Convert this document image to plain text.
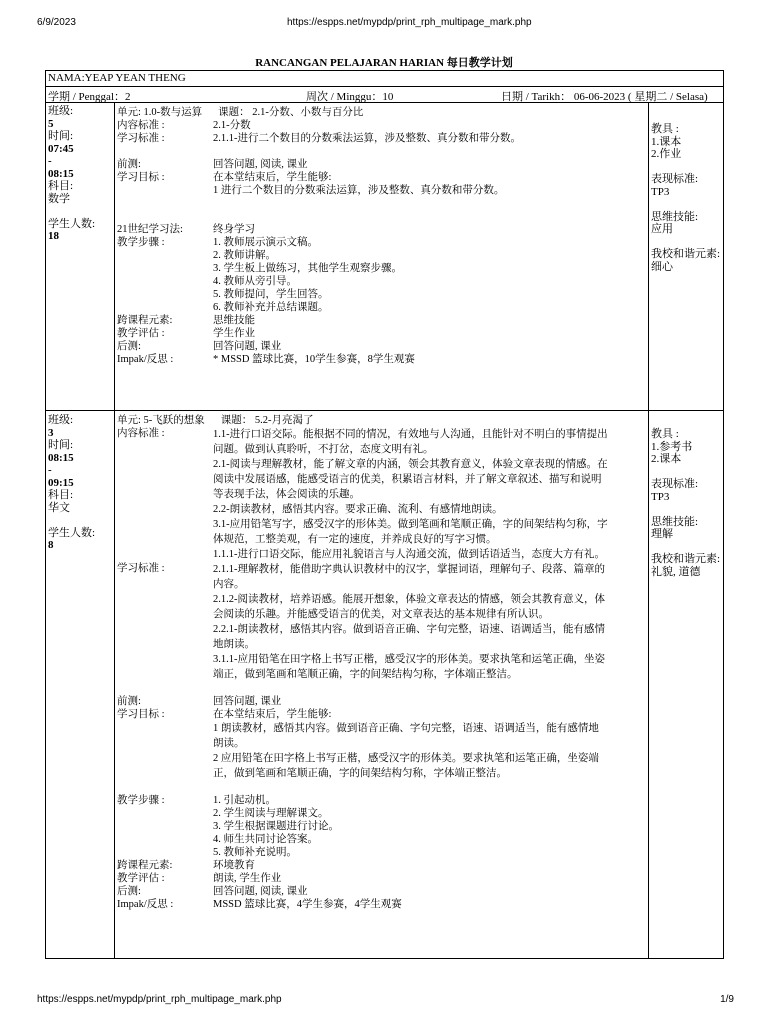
6/9/2023	https://espps.net/mypdp/print_rph_multipage_mark.php
RANCANGAN PELAJARAN HARIAN 每日教学计划
NAMA:YEAP YEAN THENG
学期 / Penggal：2	周次 / Minggu：10	日期 / Tarikh： 06-06-2023 ( 星期二 / Selasa)
班级:
5
时间:
07:45
-
08:15
科目:
数学
学生人数:
18
单元: 1.0-数与运算 课题： 2.1-分数、小数与百分比
内容标准 :	2.1-分数
学习标准 :	2.1.1-进行二个数目的分数乘法运算，涉及整数、真分数和带分数。
前测:	回答问题, 阅读, 课业
学习目标 :	在本堂结束后，学生能够:
1 进行二个数目的分数乘法运算，涉及整数、真分数和带分数。
21世纪学习法:	终身学习
教学步骤 :	1. 教师展示演示文稿。
2. 教师讲解。
3. 学生板上做练习，其他学生观察步骤。
4. 教师从旁引导。
5. 教师提问，学生回答。
6. 教师补充并总结课题。
跨课程元素:	思维技能
教学评估 :	学生作业
后测:	回答问题, 课业
Impak/反思 :	* MSSD 篮球比赛，10学生参赛，8学生观赛
教具 :
1.课本
2.作业
表现标准:
TP3
思维技能:
应用
我校和谐元素:
细心
班级:
3
时间:
08:15
-
09:15
科目:
华文
学生人数:
8
单元: 5-飞跃的想象 课题： 5.2-月亮渴了
内容标准 :	1.1-进行口语交际。能根据不同的情况，有效地与人沟通，且能针对不明白的事情提出
问题。做到认真聆听，不打岔，态度文明有礼。
2.1-阅读与理解教材，能了解文章的内涵，领会其教育意义，体验文章表现的情感。在
阅读中发展语感，能感受语言的优美，积累语言材料，并了解文章叙述、描写和说明
等表现手法，体会阅读的乐趣。
2.2-朗读教材，感悟其内容。要求正确、流利、有感情地朗读。
3.1-应用铅笔写字，感受汉字的形体美。做到笔画和笔顺正确，字的间架结构匀称，字
体规范，工整美观，有一定的速度，并养成良好的写字习惯。
学习标准 :
1.1.1-进行口语交际，能应用礼貌语言与人沟通交流，做到话语适当，态度大方有礼。
2.1.1-理解教材，能借助字典认识教材中的汉字，掌握词语，理解句子、段落、篇章的
内容。
2.1.2-阅读教材，培养语感。能展开想象，体验文章表达的情感，领会其教育意义，体
会阅读的乐趣。并能感受语言的优美，对文章表达的基本规律有所认识。
2.2.1-朗读教材，感悟其内容。做到语音正确、字句完整，语速、语调适当，能有感情
地朗读。
3.1.1-应用铅笔在田字格上书写正楷，感受汉字的形体美。要求执笔和运笔正确，坐姿
端正，做到笔画和笔顺正确，字的间架结构匀称，字体端正整洁。
前测:	回答问题, 课业
学习目标 :	在本堂结束后，学生能够:
1 朗读教材，感悟其内容。做到语音正确、字句完整，语速、语调适当，能有感情地
朗读。
2 应用铅笔在田字格上书写正楷，感受汉字的形体美。要求执笔和运笔正确，坐姿端
正，做到笔画和笔顺正确，字的间架结构匀称，字体端正整洁。
教学步骤 :	1. 引起动机。
2. 学生阅读与理解课文。
3. 学生根据课题进行讨论。
4. 师生共同讨论答案。
5. 教师补充说明。
跨课程元素:	环境教育
教学评估 :	朗读, 学生作业
后测:	回答问题, 阅读, 课业
Impak/反思 :	MSSD 篮球比赛，4学生参赛，4学生观赛
教具 :
1.参考书
2.课本
表现标准:
TP3
思维技能:
理解
我校和谐元素:
礼貌, 道德
https://espps.net/mypdp/print_rph_multipage_mark.php	1/9
